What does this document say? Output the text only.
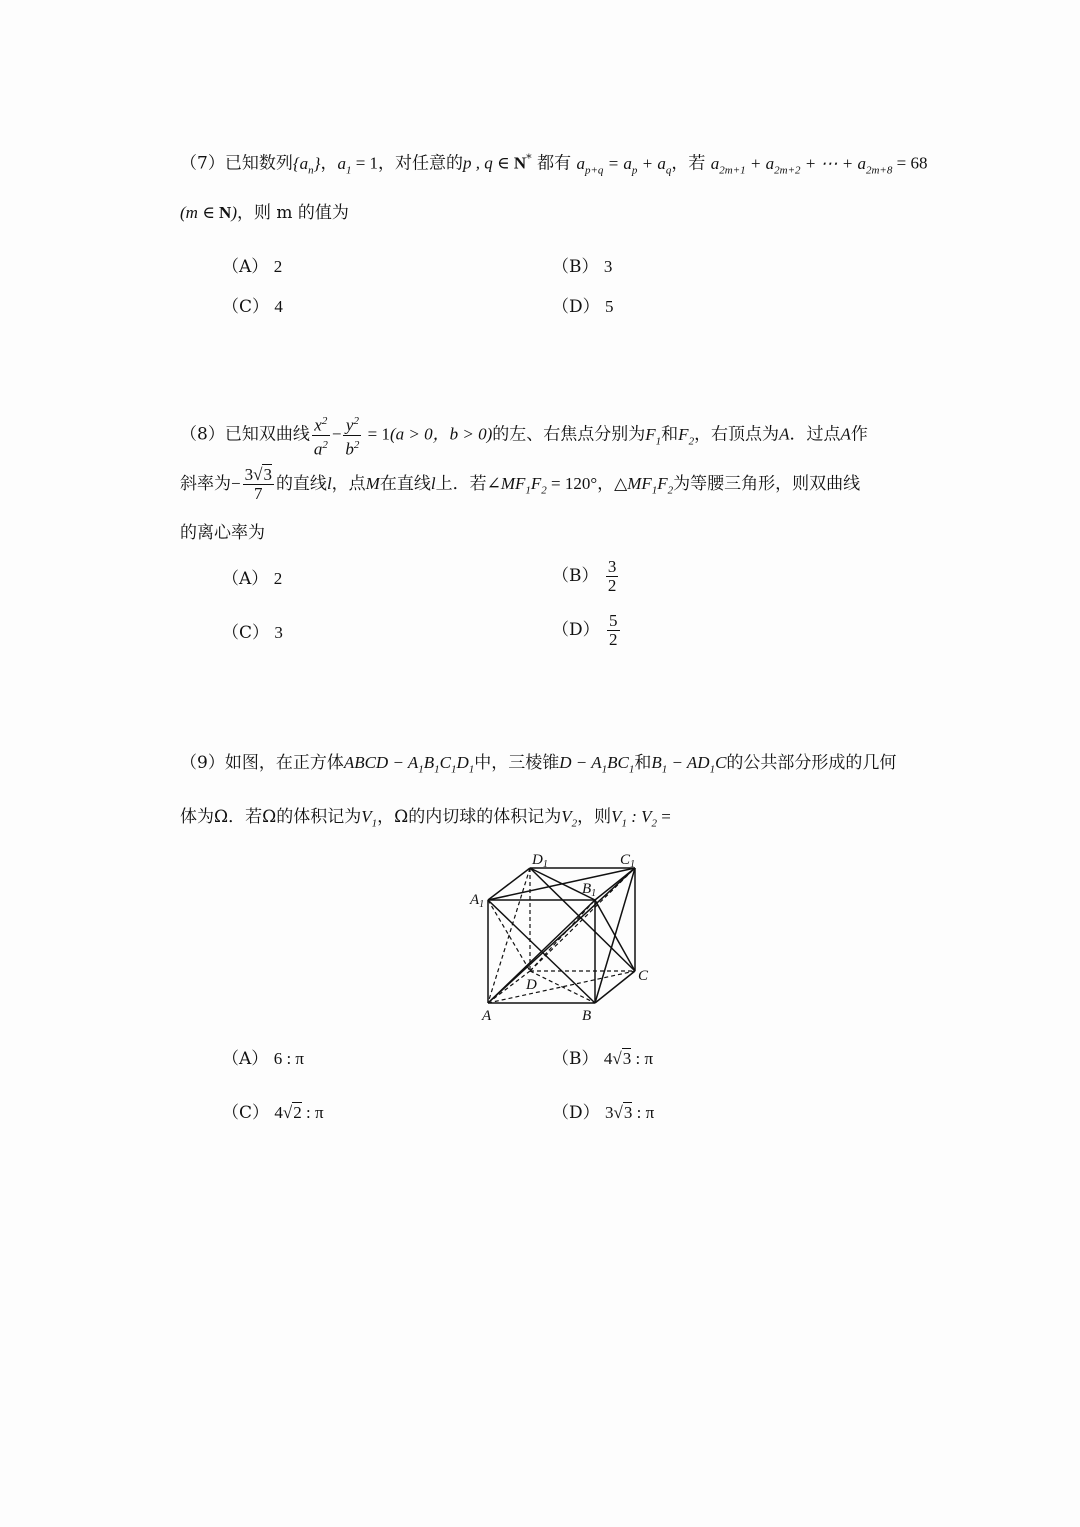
（7）已知数列$\{a_n\}$，$a_1 = 1$，对任意的p , q ∈ N* 都有 $a_{p+q} = a_p + a_q$，若 $a_{2m+1} + a_{2m+2}$ + ⋯ + $a_{2m+8} = 68$
(m ∈ N)，则 m 的值为
（A） 2	（B） 3
（C） 4	（D） 5
（8）已知双曲线 $\frac{x^2}{a^2} - \frac{y^2}{b^2} = 1(a > 0$，b > 0)的左、右焦点分别为$F_1$和$F_2$，右顶点为A．过点A作
斜率为− $\frac{3√3}{7}$ 的直线l，点M在直线l上．若$\angle MF_1F_2 = 120^\circ$，$\triangle MF_1F_2$为等腰三角形，则双曲线
的离心率为
（A） 2	$(B) \frac{3}{2}$
（C） 3	$(D) \frac{5}{2}$
（9）如图，在正方体ABCD − $A_1B_1C_1D_1$中，三棱锥$D - A_1BC_1$和$B_1 - AD_1C$的公共部分形成的几何
体为Ω．若Ω的体积记为$V_1$，Ω的内切球的体积记为$V_2$，则$V_1$ : $V_2$ =
$D_1$	$C_1$
$B_1$
$A_1$
C
D
A	B
（A） 6 : π	（B） 4√3 : π
（C） 4√2 : π	（D） 3√3 : π
